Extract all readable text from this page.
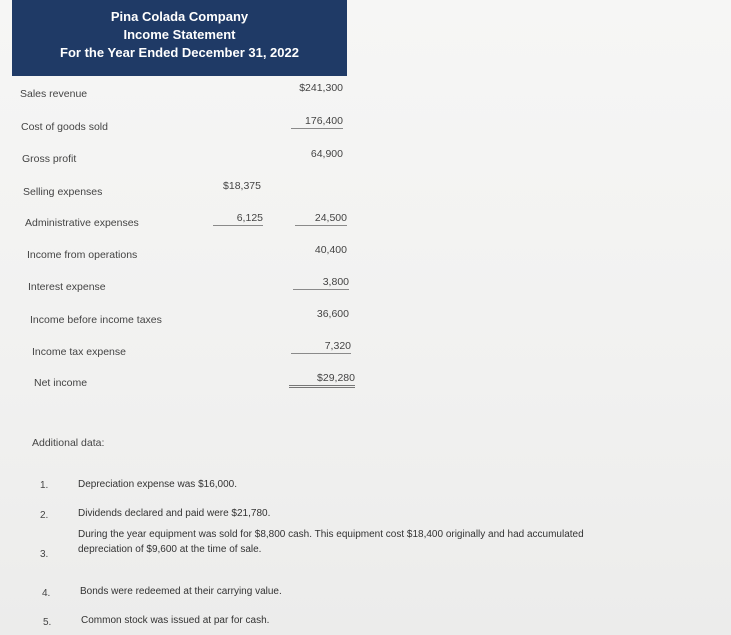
Pina Colada Company
Income Statement
For the Year Ended December 31, 2022
Sales revenue	$241,300
Cost of goods sold	176,400
Gross profit	64,900
Selling expenses	$18,375
Administrative expenses	6,125	24,500
Income from operations	40,400
Interest expense	3,800
Income before income taxes	36,600
Income tax expense	7,320
Net income	$29,280
Additional data:
1.	Depreciation expense was $16,000.
2.	Dividends declared and paid were $21,780.
3.
During the year equipment was sold for $8,800 cash. This equipment cost $18,400 originally and had accumulated
depreciation of $9,600 at the time of sale.
4.	Bonds were redeemed at their carrying value.
5.	Common stock was issued at par for cash.
